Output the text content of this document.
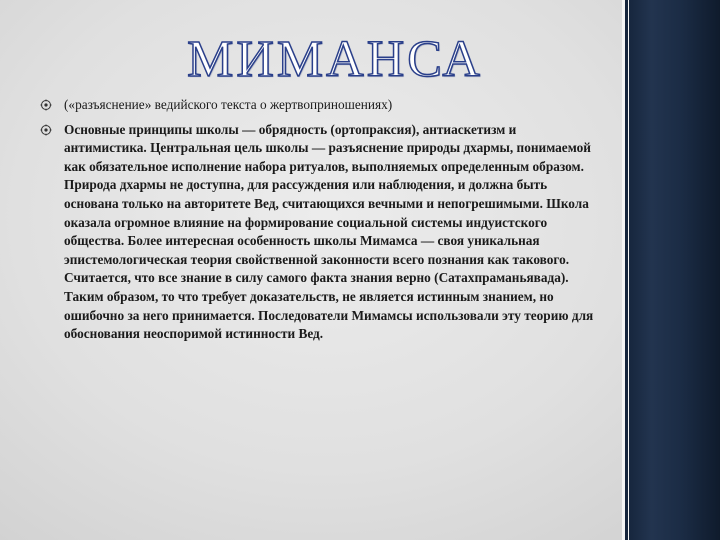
МИМАНСА
(«разъяснение» ведийского текста о жертвоприношениях)
Основные принципы школы — обрядность (ортопраксия), антиаскетизм и антимистика. Центральная цель школы — разъяснение природы дхармы, понимаемой как обязательное исполнение набора ритуалов, выполняемых определенным образом. Природа дхармы не доступна, для рассуждения или наблюдения, и должна быть основана только на авторитете Вед, считающихся вечными и непогрешимыми. Школа оказала огромное влияние на формирование социальной системы индуистского общества. Более интересная особенность школы Мимамса — своя уникальная эпистемологическая теория свойственной законности всего познания как такового. Считается, что все знание в силу самого факта знания верно (Сатахпраманьявада). Таким образом, то что требует доказательств, не является истинным знанием, но ошибочно за него принимается. Последователи Мимамсы использовали эту теорию для обоснования неоспоримой истинности Вед.
